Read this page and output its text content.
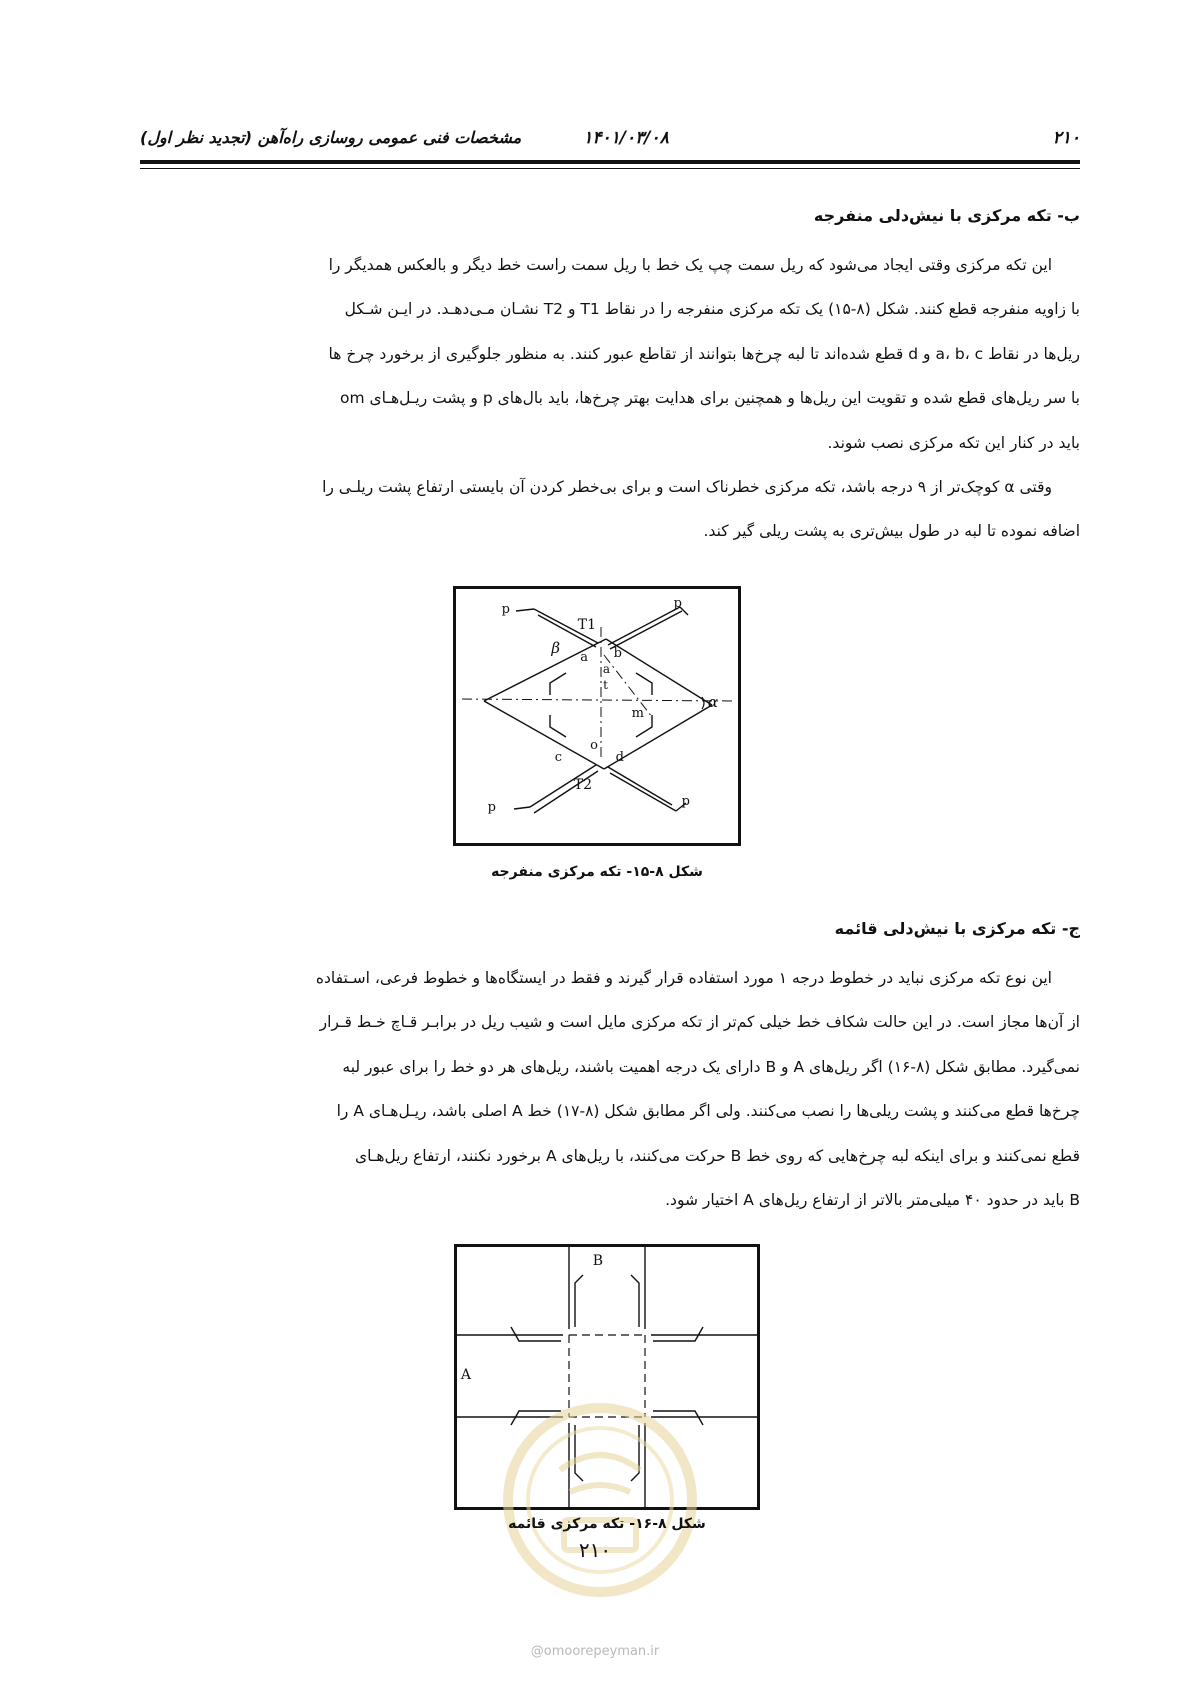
۲۱۰
۱۴۰۱/۰۳/۰۸
مشخصات فنی عمومی روسازی راه‌آهن (تجدید نظر اول)
ب- تکه مرکزی با نیش‌دلی منفرجه
این تکه مرکزی وقتی ایجاد می‌شود که ریل سمت چپ یک خط با ریل سمت راست خط دیگر و بالعکس همدیگر را
با زاویه منفرجه قطع کنند. شکل (۸-۱۵) یک تکه مرکزی منفرجه را در نقاط T1 و T2 نشـان مـی‌دهـد. در ایـن شـکل
ریل‌ها در نقاط a، b، c و d قطع شده‌اند تا لبه چرخ‌ها بتوانند از تقاطع عبور کنند. به منظور جلوگیری از برخورد چرخ ها
با سر ریل‌های قطع شده و تقویت این ریل‌ها و همچنین برای هدایت بهتر چرخ‌ها، باید بال‌های p و پشت ریـل‌هـای om
باید در کنار این تکه مرکزی نصب شوند.
وقتی α کوچک‌تر از ۹ درجه باشد، تکه مرکزی خطرناک است و برای بی‌خطر کردن آن بایستی ارتفاع پشت ریلـی را
اضافه نموده تا لبه در طول بیش‌تری به پشت ریلی گیر کند.
p	p
p	p
T1
T2
β
α
a b
c	d
o
m
t
a
شکل ۸-۱۵- تکه مرکزی منفرجه
ج- تکه مرکزی با نیش‌دلی قائمه
این نوع تکه مرکزی نباید در خطوط درجه ۱ مورد استفاده قرار گیرند و فقط در ایستگاه‌ها و خطوط فرعی، اسـتفاده
از آن‌ها مجاز است. در این حالت شکاف خط خیلی کم‌تر از تکه مرکزی مایل است و شیب ریل در برابـر قـاچ خـط قـرار
نمی‌گیرد. مطابق شکل (۸-۱۶) اگر ریل‌های A و B دارای یک درجه اهمیت باشند، ریل‌های هر دو خط را برای عبور لبه
چرخ‌ها قطع می‌کنند و پشت ریلی‌ها را نصب می‌کنند. ولی اگر مطابق شکل (۸-۱۷) خط A اصلی باشد، ریـل‌هـای A را
قطع نمی‌کنند و برای اینکه لبه چرخ‌هایی که روی خط B حرکت می‌کنند، با ریل‌های A برخورد نکنند، ارتفاع ریل‌هـای
B باید در حدود ۴۰ میلی‌متر بالاتر از ارتفاع ریل‌های A اختیار شود.
B
A
شکل ۸-۱۶- تکه مرکزی قائمه
۲۱۰
@omoorepeyman.ir
